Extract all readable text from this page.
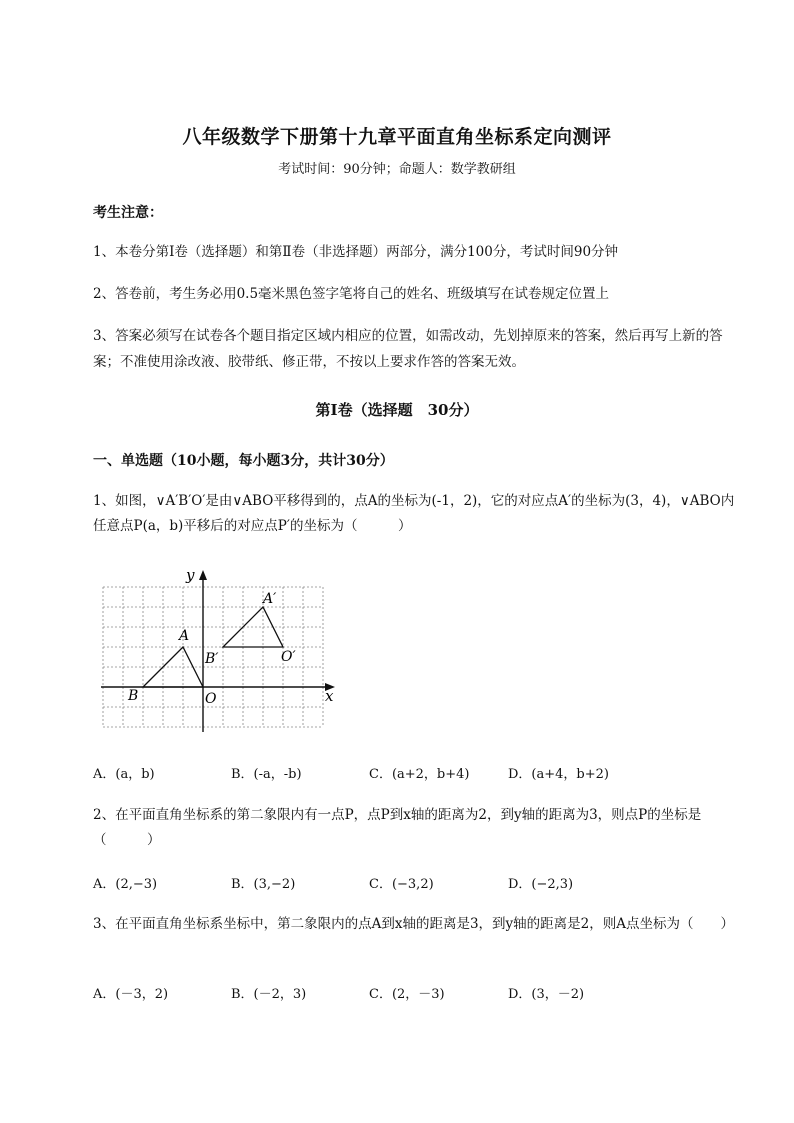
八年级数学下册第十九章平面直角坐标系定向测评
考试时间：90分钟；命题人：数学教研组
考生注意：
1、本卷分第I卷（选择题）和第Ⅱ卷（非选择题）两部分，满分100分，考试时间90分钟
2、答卷前，考生务必用0.5毫米黑色签字笔将自己的姓名、班级填写在试卷规定位置上
3、答案必须写在试卷各个题目指定区域内相应的位置，如需改动，先划掉原来的答案，然后再写上新的答案；不准使用涂改液、胶带纸、修正带，不按以上要求作答的答案无效。
第I卷（选择题　30分）
一、单选题（10小题，每小题3分，共计30分）
1、如图，∨A′B′O′是由∨ABO平移得到的，点A的坐标为(-1，2)，它的对应点A′的坐标为(3，4)，∨ABO内任意点P(a，b)平移后的对应点P′的坐标为（　　　）
x
y
O
A
B
A′
B′	O′
A．(a，b)	B．(-a，-b)	C．(a+2，b+4)	D．(a+4，b+2)
2、在平面直角坐标系的第二象限内有一点P，点P到x轴的距离为2，到y轴的距离为3，则点P的坐标是（　　　）
A．(2,−3)	B．(3,−2)	C．(−3,2)	D．(−2,3)
3、在平面直角坐标系坐标中，第二象限内的点A到x轴的距离是3，到y轴的距离是2，则A点坐标为（　　）
A．(－3，2)	B．(－2，3)	C．(2，－3)	D．(3，－2)
